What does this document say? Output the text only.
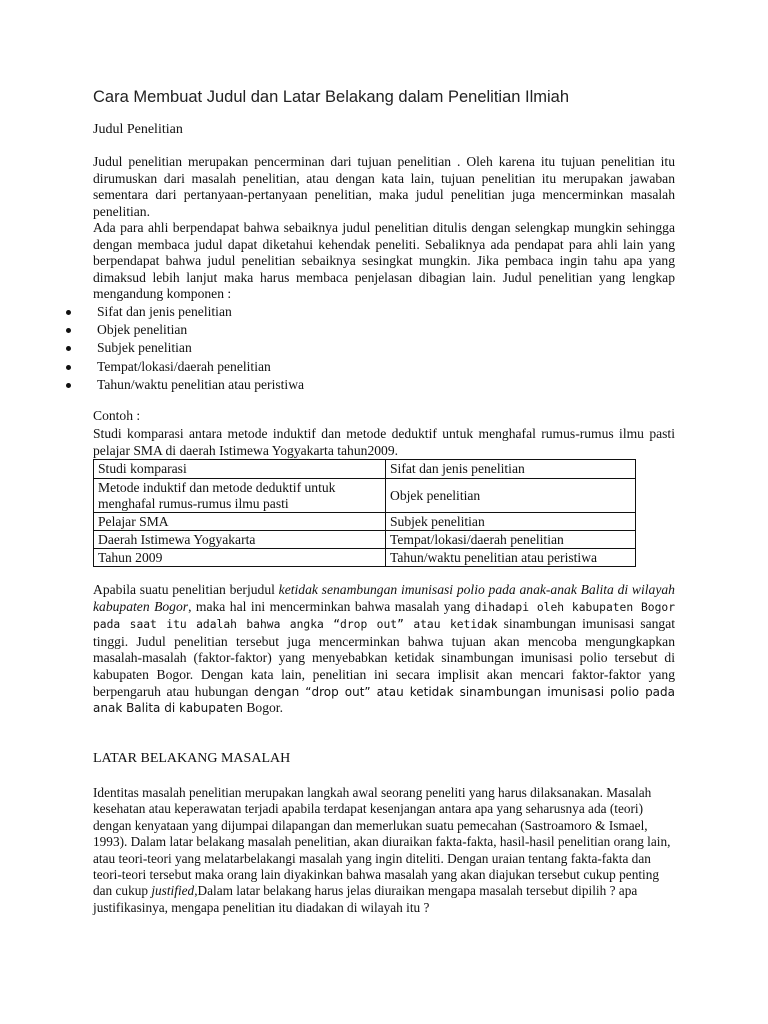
Cara Membuat Judul dan Latar Belakang dalam Penelitian Ilmiah
Judul Penelitian

Judul penelitian merupakan pencerminan dari tujuan penelitian . Oleh karena itu tujuan penelitian itu dirumuskan dari masalah penelitian, atau dengan kata lain, tujuan penelitian itu merupakan jawaban sementara dari pertanyaan-pertanyaan penelitian, maka judul penelitian juga mencerminkan masalah penelitian.

Ada para ahli berpendapat bahwa sebaiknya judul penelitian ditulis dengan selengkap mungkin sehingga dengan membaca judul dapat diketahui kehendak peneliti. Sebaliknya ada pendapat para ahli lain yang berpendapat bahwa judul penelitian sebaiknya sesingkat mungkin. Jika pembaca ingin tahu apa yang dimaksud lebih lanjut maka harus membaca penjelasan dibagian lain. Judul penelitian yang lengkap mengandung komponen :

Sifat dan jenis penelitian
Objek penelitian
Subjek penelitian
Tempat/lokasi/daerah penelitian
Tahun/waktu penelitian atau peristiwa
Contoh :

Studi komparasi antara metode induktif dan metode deduktif untuk menghafal rumus-rumus ilmu pasti pelajar SMA di daerah Istimewa Yogyakarta tahun2009.

Studi komparasi	Sifat dan jenis penelitian
Metode induktif dan metode deduktif untuk menghafal rumus-rumus ilmu pasti	Objek penelitian
Pelajar SMA	Subjek penelitian
Daerah Istimewa Yogyakarta	Tempat/lokasi/daerah penelitian
Tahun 2009	Tahun/waktu penelitian atau peristiwa

Apabila suatu penelitian berjudul ketidak senambungan imunisasi polio pada anak-anak Balita di wilayah kabupaten Bogor, maka hal ini mencerminkan bahwa masalah yang dihadapi oleh kabupaten Bogor pada saat itu adalah bahwa angka “drop out” atau ketidak sinambungan imunisasi sangat tinggi. Judul penelitian tersebut juga mencerminkan bahwa tujuan akan mencoba mengungkapkan masalah-masalah (faktor-faktor) yang menyebabkan ketidak sinambungan imunisasi polio tersebut di kabupaten Bogor. Dengan kata lain, penelitian ini secara implisit akan mencari faktor-faktor yang berpengaruh atau hubungan dengan “drop out” atau ketidak sinambungan imunisasi polio pada anak Balita di kabupaten Bogor.

LATAR BELAKANG MASALAH

Identitas masalah penelitian merupakan langkah awal seorang peneliti yang harus dilaksanakan. Masalah kesehatan atau keperawatan terjadi apabila terdapat kesenjangan antara apa yang seharusnya ada (teori) dengan kenyataan yang dijumpai dilapangan dan memerlukan suatu pemecahan (Sastroamoro & Ismael, 1993). Dalam latar belakang masalah penelitian, akan diuraikan fakta-fakta, hasil-hasil penelitian orang lain, atau teori-teori yang melatarbelakangi masalah yang ingin diteliti. Dengan uraian tentang fakta-fakta dan teori-teori tersebut maka orang lain diyakinkan bahwa masalah yang akan diajukan tersebut cukup penting dan cukup justified,Dalam latar belakang harus jelas diuraikan mengapa masalah tersebut dipilih ? apa justifikasinya, mengapa penelitian itu diadakan di wilayah itu ?
